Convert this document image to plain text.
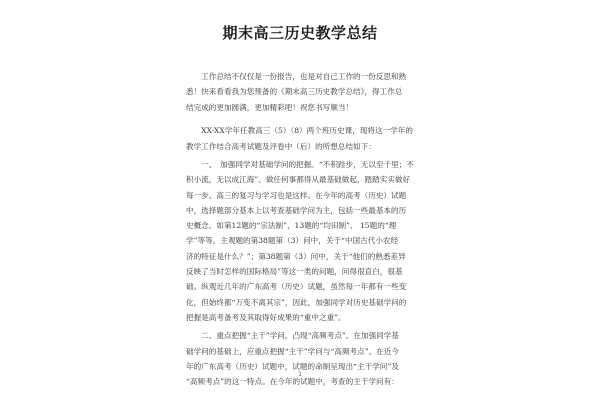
期末高三历史教学总结
　　工作总结不仅仅是一份报告，也是对自己工作的一份反思和熟
悉！快来看看我为您预备的《期末高三历史教学总结》，得工作总
结完成的更加圆满，更加精彩吧！祝您书写顺当！
　　XX-XX学年任教高三（5）（8）两个班历史课，现将这一学年的
教学工作结合高考试题及评卷中（后）的所想总结如下：
　　一、　加强同学对基础学问的把握。“不积跬步，无以至千里；不
积小流，无以成江海”。做任何事都得从最基础做起，踏踏实实做好
每一步。高三的复习与学习也是这样。在今年的高考（历史）试题
中，选择题部分基本上以考查基础学问为主，包括一些最基本的历
史概念。如第12题的“宗法制”，13题的“均田制”、 15题的“理
学”等等。主观题的第38题第（3）问中，关于“中国古代小农经
济的特征是什么？”；第38题第（3）问中，关于“他们的熟悉差异
反映了当时怎样的国际格局”等这一类的问题，问得很直白，很基
础。纵观近几年的广东高考（历史）试题，虽然每一年都有一些变
化，但始终都“万变不离其宗”，因此，加强同学对历史基础学问的
把握是高考备考及其取得好成果的“重中之重”。
　　二、重点把握“主干”学问，凸现“高频考点”。在加强同学基
础学问的基础上，应重点把握“主干”学问与“高频考点”。在近今
年的广东高考（历史）试题中，试题的命制呈现出“主干学问”及
“高频考点”的这一特点。在今年的试题中，考查的主干学问有：
1
